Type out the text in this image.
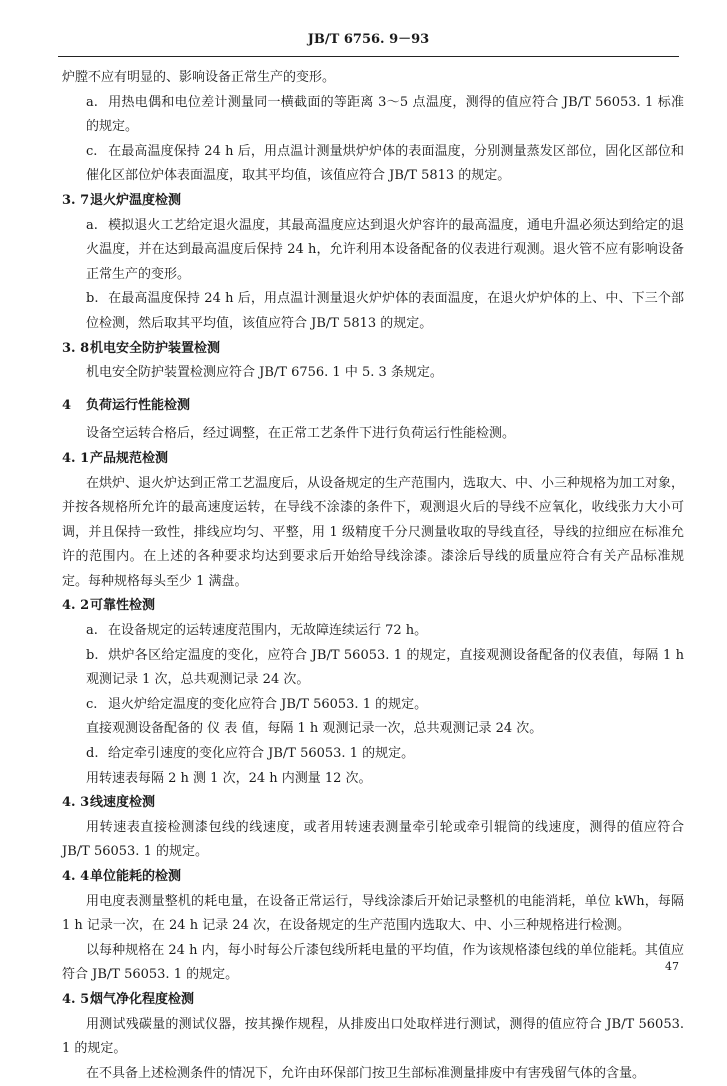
JB/T 6756. 9－93

炉膛不应有明显的、影响设备正常生产的变形。

a. 用热电偶和电位差计测量同一横截面的等距离 3～5 点温度，测得的值应符合 JB/T 56053. 1 标准的规定。

c. 在最高温度保持 24 h 后，用点温计测量烘炉炉体的表面温度，分别测量蒸发区部位，固化区部位和催化区部位炉体表面温度，取其平均值，该值应符合 JB/T 5813 的规定。

3. 7退火炉温度检测

a. 模拟退火工艺给定退火温度，其最高温度应达到退火炉容许的最高温度，通电升温必须达到给定的退火温度，并在达到最高温度后保持 24 h，允许利用本设备配备的仪表进行观测。退火管不应有影响设备正常生产的变形。

b. 在最高温度保持 24 h 后，用点温计测量退火炉炉体的表面温度，在退火炉炉体的上、中、下三个部位检测，然后取其平均值，该值应符合 JB/T 5813 的规定。

3. 8机电安全防护装置检测

机电安全防护装置检测应符合 JB/T 6756. 1 中 5. 3 条规定。

4 负荷运行性能检测

设备空运转合格后，经过调整，在正常工艺条件下进行负荷运行性能检测。

4. 1产品规范检测

在烘炉、退火炉达到正常工艺温度后，从设备规定的生产范围内，选取大、中、小三种规格为加工对象，并按各规格所允许的最高速度运转，在导线不涂漆的条件下，观测退火后的导线不应氧化，收线张力大小可调，并且保持一致性，排线应均匀、平整，用 1 级精度千分尺测量收取的导线直径，导线的拉细应在标准允许的范围内。在上述的各种要求均达到要求后开始给导线涂漆。漆涂后导线的质量应符合有关产品标准规定。每种规格每头至少 1 满盘。

4. 2可靠性检测

a. 在设备规定的运转速度范围内，无故障连续运行 72 h。

b. 烘炉各区给定温度的变化，应符合 JB/T 56053. 1 的规定，直接观测设备配备的仪表值，每隔 1 h 观测记录 1 次，总共观测记录 24 次。

c. 退火炉给定温度的变化应符合 JB/T 56053. 1 的规定。

直接观测设备配备的 仪 表 值，每隔 1 h 观测记录一次，总共观测记录 24 次。

d. 给定牵引速度的变化应符合 JB/T 56053. 1 的规定。

用转速表每隔 2 h 测 1 次，24 h 内测量 12 次。

4. 3线速度检测

用转速表直接检测漆包线的线速度，或者用转速表测量牵引轮或牵引辊筒的线速度，测得的值应符合 JB/T 56053. 1 的规定。

4. 4单位能耗的检测

用电度表测量整机的耗电量，在设备正常运行，导线涂漆后开始记录整机的电能消耗，单位 kWh，每隔 1 h 记录一次，在 24 h 记录 24 次，在设备规定的生产范围内选取大、中、小三种规格进行检测。

以每种规格在 24 h 内，每小时每公斤漆包线所耗电量的平均值，作为该规格漆包线的单位能耗。其值应符合 JB/T 56053. 1 的规定。

4. 5烟气净化程度检测

用测试残碳量的测试仪器，按其操作规程，从排废出口处取样进行测试，测得的值应符合 JB/T 56053. 1 的规定。

在不具备上述检测条件的情况下，允许由环保部门按卫生部标准测量排废中有害残留气体的含量。

47
